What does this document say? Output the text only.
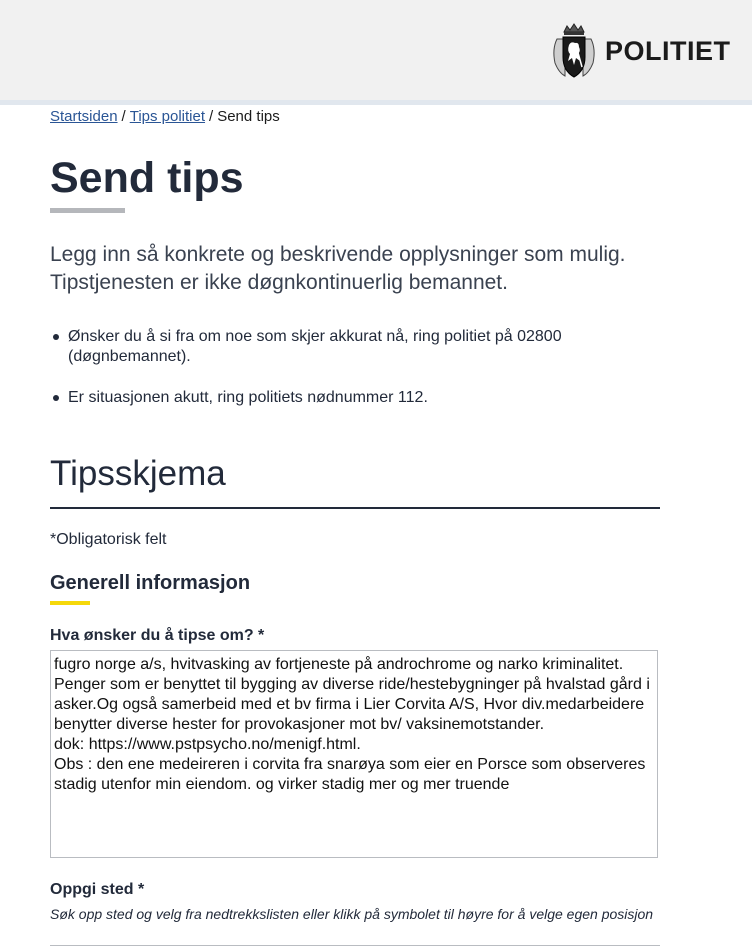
POLITIET
Startsiden / Tips politiet / Send tips
Send tips

Legg inn så konkrete og beskrivende opplysninger som mulig. Tipstjenesten er ikke døgnkontinuerlig bemannet.

Ønsker du å si fra om noe som skjer akkurat nå, ring politiet på 02800 (døgnbemannet).
Er situasjonen akutt, ring politiets nødnummer 112.
Tipsskjema
*Obligatorisk felt
Generell informasjon
Hva ønsker du å tipse om? *
fugro norge a/s, hvitvasking av fortjeneste på androchrome og narko kriminalitet.
Penger som er benyttet til bygging av diverse ride/hestebygninger på hvalstad gård i asker.Og også samerbeid med et bv firma i Lier Corvita A/S, Hvor div.medarbeidere benytter diverse hester for provokasjoner mot bv/ vaksinemotstander.
dok: https://www.pstpsycho.no/menigf.html.
Obs : den ene medeireren i corvita fra snarøya som eier en Porsce som observeres stadig utenfor min eiendom. og virker stadig mer og mer truende
Oppgi sted *
Søk opp sted og velg fra nedtrekkslisten eller klikk på symbolet til høyre for å velge egen posisjon
